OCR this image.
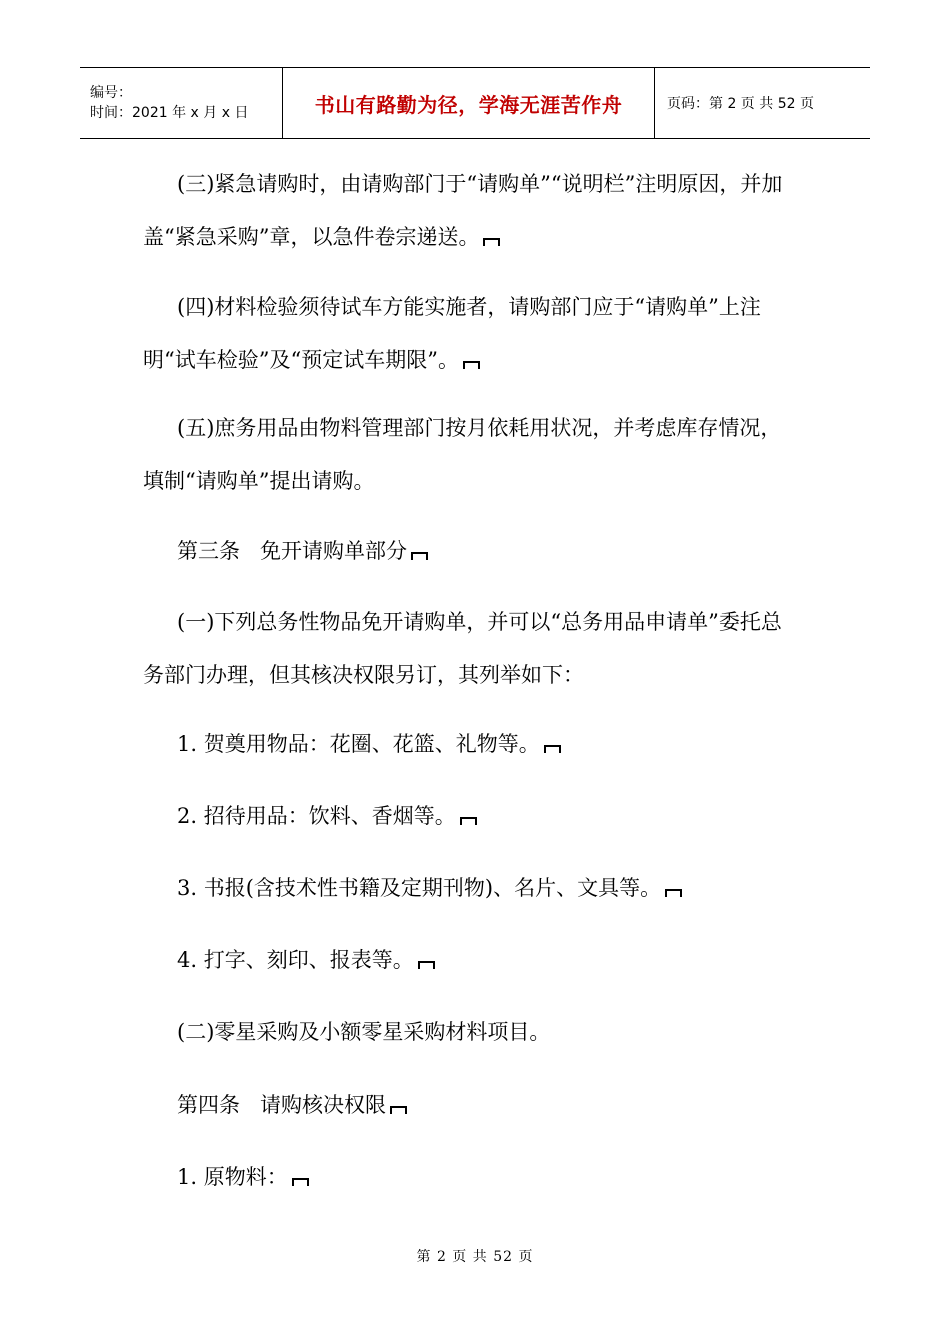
编号：
时间：2021 年 x 月 x 日	书山有路勤为径，学海无涯苦作舟	页码：第 2 页 共 52 页

(三)紧急请购时，由请购部门于“请购单”“说明栏”注明原因，并加盖“紧急采购”章，以急件卷宗递送。

(四)材料检验须待试车方能实施者，请购部门应于“请购单”上注明“试车检验”及“预定试车期限”。

(五)庶务用品由物料管理部门按月依耗用状况，并考虑库存情况，填制“请购单”提出请购。

第三条   免开请购单部分

(一)下列总务性物品免开请购单，并可以“总务用品申请单”委托总务部门办理，但其核决权限另订，其列举如下：

1. 贺奠用物品：花圈、花篮、礼物等。

2. 招待用品：饮料、香烟等。

3. 书报(含技术性书籍及定期刊物)、名片、文具等。

4. 打字、刻印、报表等。

(二)零星采购及小额零星采购材料项目。

第四条   请购核决权限

1. 原物料：

第 2 页 共 52 页
